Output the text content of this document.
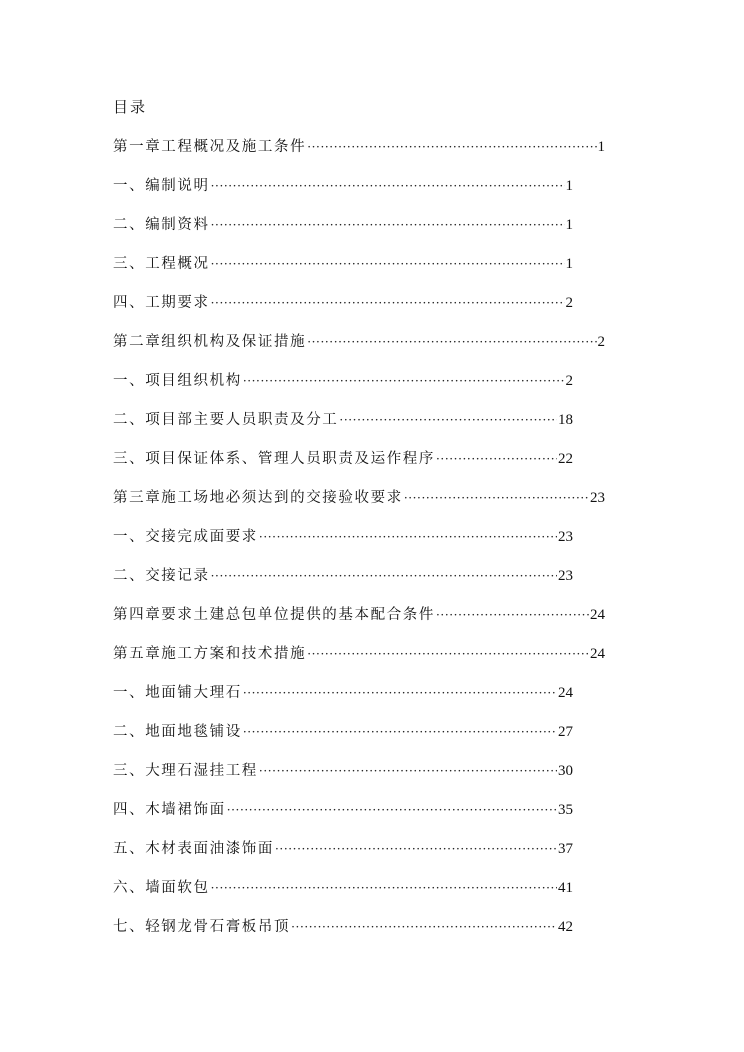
目录
第一章工程概况及施工条件 ·····	1
一、编制说明 ·····	1
二、编制资料 ·····	1
三、工程概况 ·····	1
四、工期要求 ·····	2
第二章组织机构及保证措施 ·····	2
一、项目组织机构 ·····	2
二、项目部主要人员职责及分工 ·····	18
三、项目保证体系、管理人员职责及运作程序 ·····	22
第三章施工场地必须达到的交接验收要求 ·····	23
一、交接完成面要求 ·····	23
二、交接记录 ·····	23
第四章要求土建总包单位提供的基本配合条件 ·····	24
第五章施工方案和技术措施 ·····	24
一、地面铺大理石 ·····	24
二、地面地毯铺设 ·····	27
三、大理石湿挂工程 ·····	30
四、木墙裙饰面 ·····	35
五、木材表面油漆饰面 ·····	37
六、墙面软包 ·····	41
七、轻钢龙骨石膏板吊顶 ·····	42
